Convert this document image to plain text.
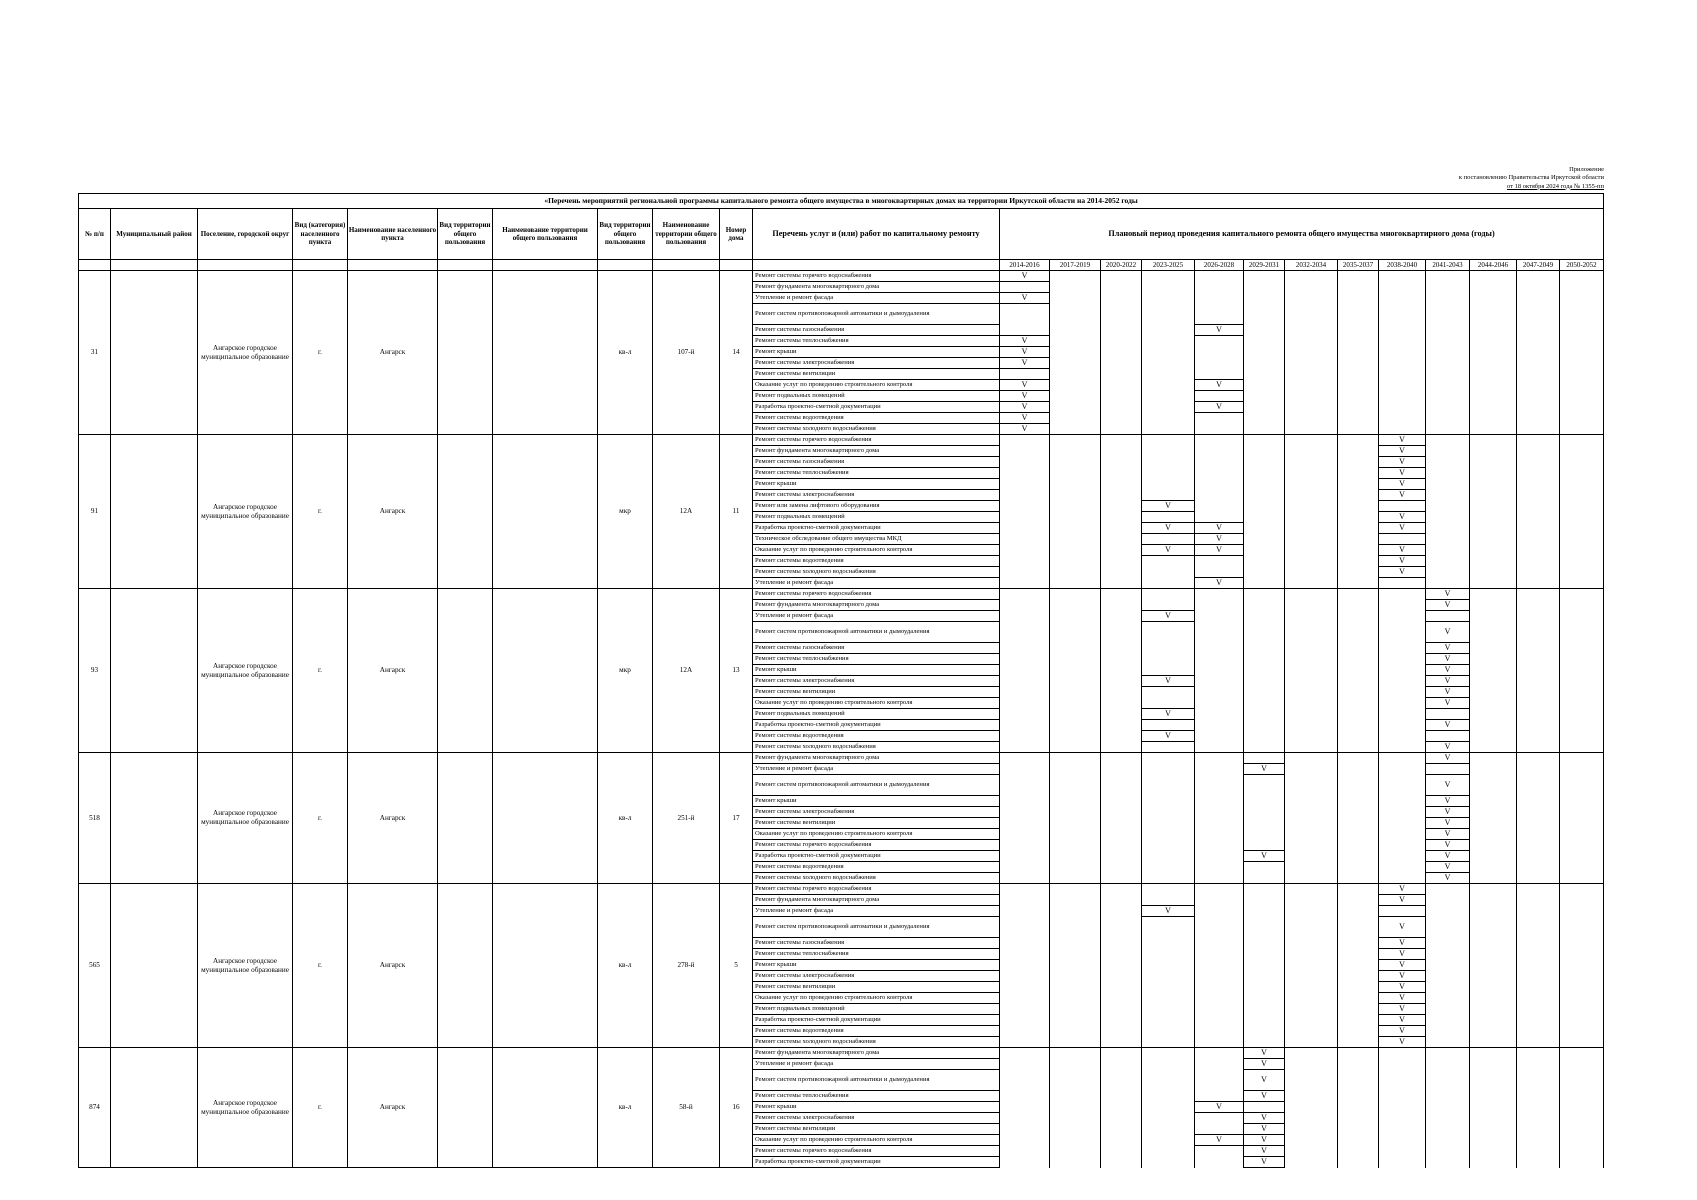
Приложение
к постановлению Правительства Иркутской области
от 18 октября 2024 года № 1355-пп
«Перечень мероприятий региональной программы капитального ремонта общего имущества в многоквартирных домах на территории Иркутской области на 2014-2052 годы																							
№ п/п	Муниципальный район	Поселение, городской округ	Вид (категория) населенного пункта	Наименование населенного пункта	Вид территории общего пользования	Наименование территории общего пользования	Вид территории общего пользования	Наименование территории общего пользования	Номер дома	Перечень услуг и (или) работ по капитальному ремонту	Плановый период проведения капитального ремонта общего имущества многоквартирного дома (годы)												
											2014-2016	2017-2019	2020-2022	2023-2025	2026-2028	2029-2031	2032-2034	2035-2037	2038-2040	2041-2043	2044-2046	2047-2049	2050-2052
31		Ангарское городское муниципальное образование	г.	Ангарск			кв-л	107-й	14	Ремонт системы горячего водоснабжения	V												
										Ремонт фундамента многоквартирного дома													
										Утепление и ремонт фасада	V												
										Ремонт систем противопожарной автоматики и дымоудаления													
										Ремонт системы газоснабжения					V								
										Ремонт системы теплоснабжения	V												
										Ремонт крыши	V												
										Ремонт системы электроснабжения	V												
										Ремонт системы вентиляции													
										Оказание услуг по проведению строительного контроля	V				V								
										Ремонт подвальных помещений	V												
										Разработка проектно-сметной документации	V				V								
										Ремонт системы водоотведения	V												
										Ремонт системы холодного водоснабжения	V												
91		Ангарское городское муниципальное образование	г.	Ангарск			мкр	12А	11	Ремонт системы горячего водоснабжения									V				
										Ремонт фундамента многоквартирного дома									V				
										Ремонт системы газоснабжения									V				
										Ремонт системы теплоснабжения									V				
										Ремонт крыши									V				
										Ремонт системы электроснабжения									V				
										Ремонт или замена лифтового оборудования				V									
										Ремонт подвальных помещений									V				
										Разработка проектно-сметной документации				V	V				V				
										Техническое обследование общего имущества МКД					V								
										Оказание услуг по проведению строительного контроля				V	V				V				
										Ремонт системы водоотведения									V				
										Ремонт системы холодного водоснабжения									V				
										Утепление и ремонт фасада					V								
93		Ангарское городское муниципальное образование	г.	Ангарск			мкр	12А	13	Ремонт системы горячего водоснабжения										V			
										Ремонт фундамента многоквартирного дома										V			
										Утепление и ремонт фасада				V									
										Ремонт систем противопожарной автоматики и дымоудаления										V			
										Ремонт системы газоснабжения										V			
										Ремонт системы теплоснабжения										V			
										Ремонт крыши										V			
										Ремонт системы электроснабжения				V						V			
										Ремонт системы вентиляции										V			
										Оказание услуг по проведению строительного контроля										V			
										Ремонт подвальных помещений				V									
										Разработка проектно-сметной документации										V			
										Ремонт системы водоотведения				V									
										Ремонт системы холодного водоснабжения										V			
518		Ангарское городское муниципальное образование	г.	Ангарск			кв-л	251-й	17	Ремонт фундамента многоквартирного дома										V			
										Утепление и ремонт фасада						V							
										Ремонт систем противопожарной автоматики и дымоудаления										V			
										Ремонт крыши										V			
										Ремонт системы электроснабжения										V			
										Ремонт системы вентиляции										V			
										Оказание услуг по проведению строительного контроля										V			
										Ремонт системы горячего водоснабжения										V			
										Разработка проектно-сметной документации						V				V			
										Ремонт системы водоотведения										V			
										Ремонт системы холодного водоснабжения										V			
565		Ангарское городское муниципальное образование	г.	Ангарск			кв-л	278-й	5	Ремонт системы горячего водоснабжения									V				
										Ремонт фундамента многоквартирного дома									V				
										Утепление и ремонт фасада				V									
										Ремонт систем противопожарной автоматики и дымоудаления									V				
										Ремонт системы газоснабжения									V				
										Ремонт системы теплоснабжения									V				
										Ремонт крыши									V				
										Ремонт системы электроснабжения									V				
										Ремонт системы вентиляции									V				
										Оказание услуг по проведению строительного контроля									V				
										Ремонт подвальных помещений									V				
										Разработка проектно-сметной документации									V				
										Ремонт системы водоотведения									V				
										Ремонт системы холодного водоснабжения									V				
874		Ангарское городское муниципальное образование	г.	Ангарск			кв-л	58-й	16	Ремонт фундамента многоквартирного дома						V							
										Утепление и ремонт фасада						V							
										Ремонт систем противопожарной автоматики и дымоудаления						V							
										Ремонт системы теплоснабжения						V							
										Ремонт крыши					V								
										Ремонт системы электроснабжения						V							
										Ремонт системы вентиляции						V							
										Оказание услуг по проведению строительного контроля					V	V							
										Ремонт системы горячего водоснабжения						V							
										Разработка проектно-сметной документации						V							
